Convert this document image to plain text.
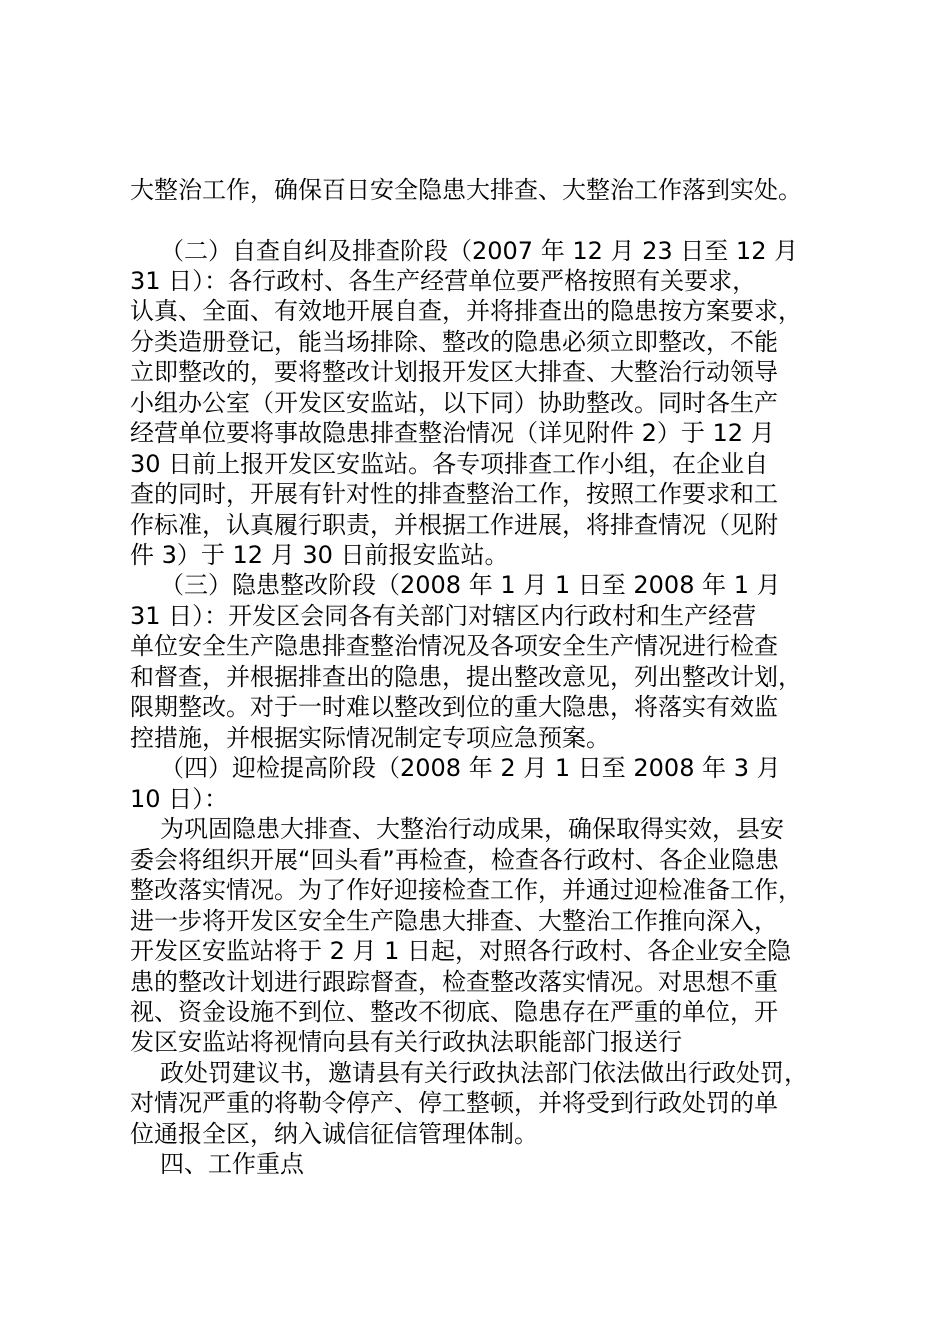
大整治工作，确保百日安全隐患大排查、大整治工作落到实处。
（二）自查自纠及排查阶段（2007 年 12 月 23 日至 12 月
31 日）：各行政村、各生产经营单位要严格按照有关要求，
认真、全面、有效地开展自查，并将排查出的隐患按方案要求，
分类造册登记，能当场排除、整改的隐患必须立即整改，不能
立即整改的，要将整改计划报开发区大排查、大整治行动领导
小组办公室（开发区安监站，以下同）协助整改。同时各生产
经营单位要将事故隐患排查整治情况（详见附件 2）于 12 月
30 日前上报开发区安监站。各专项排查工作小组，在企业自
查的同时，开展有针对性的排查整治工作，按照工作要求和工
作标准，认真履行职责，并根据工作进展，将排查情况（见附
件 3）于 12 月 30 日前报安监站。
（三）隐患整改阶段（2008 年 1 月 1 日至 2008 年 1 月
31 日）：开发区会同各有关部门对辖区内行政村和生产经营
单位安全生产隐患排查整治情况及各项安全生产情况进行检查
和督查，并根据排查出的隐患，提出整改意见，列出整改计划，
限期整改。对于一时难以整改到位的重大隐患，将落实有效监
控措施，并根据实际情况制定专项应急预案。
（四）迎检提高阶段（2008 年 2 月 1 日至 2008 年 3 月
10 日）：
为巩固隐患大排查、大整治行动成果，确保取得实效，县安
委会将组织开展“回头看”再检查，检查各行政村、各企业隐患
整改落实情况。为了作好迎接检查工作，并通过迎检准备工作，
进一步将开发区安全生产隐患大排查、大整治工作推向深入，
开发区安监站将于 2 月 1 日起，对照各行政村、各企业安全隐
患的整改计划进行跟踪督查，检查整改落实情况。对思想不重
视、资金设施不到位、整改不彻底、隐患存在严重的单位，开
发区安监站将视情向县有关行政执法职能部门报送行
政处罚建议书，邀请县有关行政执法部门依法做出行政处罚，
对情况严重的将勒令停产、停工整顿，并将受到行政处罚的单
位通报全区，纳入诚信征信管理体制。
四、工作重点
